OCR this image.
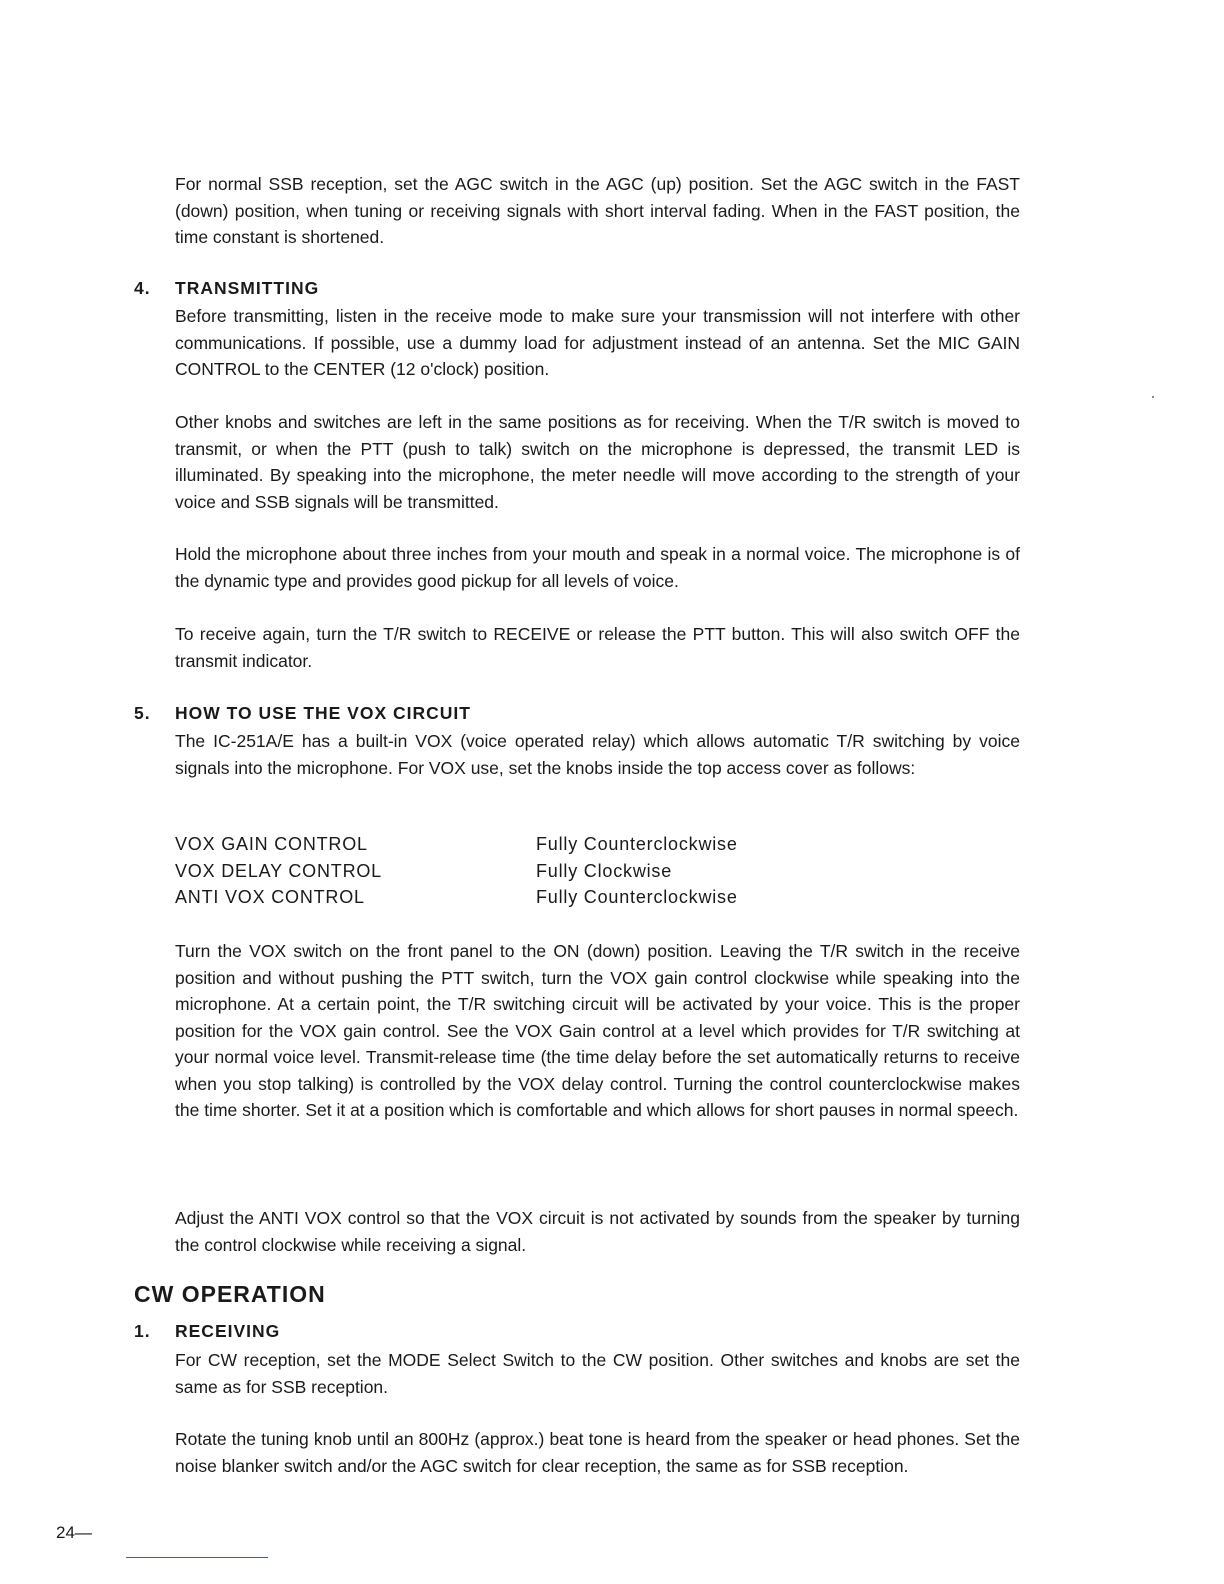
For normal SSB reception, set the AGC switch in the AGC (up) position. Set the AGC switch in the FAST (down) position, when tuning or receiving signals with short interval fading. When in the FAST position, the time constant is shortened.

4. TRANSMITTING

Before transmitting, listen in the receive mode to make sure your transmission will not interfere with other communications. If possible, use a dummy load for adjustment instead of an antenna. Set the MIC GAIN CONTROL to the CENTER (12 o'clock) position.

Other knobs and switches are left in the same positions as for receiving. When the T/R switch is moved to transmit, or when the PTT (push to talk) switch on the microphone is depressed, the transmit LED is illuminated. By speaking into the microphone, the meter needle will move according to the strength of your voice and SSB signals will be transmitted.

Hold the microphone about three inches from your mouth and speak in a normal voice. The microphone is of the dynamic type and provides good pickup for all levels of voice.

To receive again, turn the T/R switch to RECEIVE or release the PTT button. This will also switch OFF the transmit indicator.

5. HOW TO USE THE VOX CIRCUIT

The IC-251A/E has a built-in VOX (voice operated relay) which allows automatic T/R switching by voice signals into the microphone. For VOX use, set the knobs inside the top access cover as follows:

VOX GAIN CONTROL	Fully Counterclockwise
VOX DELAY CONTROL	Fully Clockwise
ANTI VOX CONTROL	Fully Counterclockwise

Turn the VOX switch on the front panel to the ON (down) position. Leaving the T/R switch in the receive position and without pushing the PTT switch, turn the VOX gain control clockwise while speaking into the microphone. At a certain point, the T/R switching circuit will be activated by your voice. This is the proper position for the VOX gain control. See the VOX Gain control at a level which provides for T/R switching at your normal voice level. Transmit-release time (the time delay before the set automatically returns to receive when you stop talking) is controlled by the VOX delay control. Turning the control counterclockwise makes the time shorter. Set it at a position which is comfortable and which allows for short pauses in normal speech.

Adjust the ANTI VOX control so that the VOX circuit is not activated by sounds from the speaker by turning the control clockwise while receiving a signal.

CW OPERATION
1. RECEIVING

For CW reception, set the MODE Select Switch to the CW position. Other switches and knobs are set the same as for SSB reception.

Rotate the tuning knob until an 800Hz (approx.) beat tone is heard from the speaker or head phones. Set the noise blanker switch and/or the AGC switch for clear reception, the same as for SSB reception.

24—
